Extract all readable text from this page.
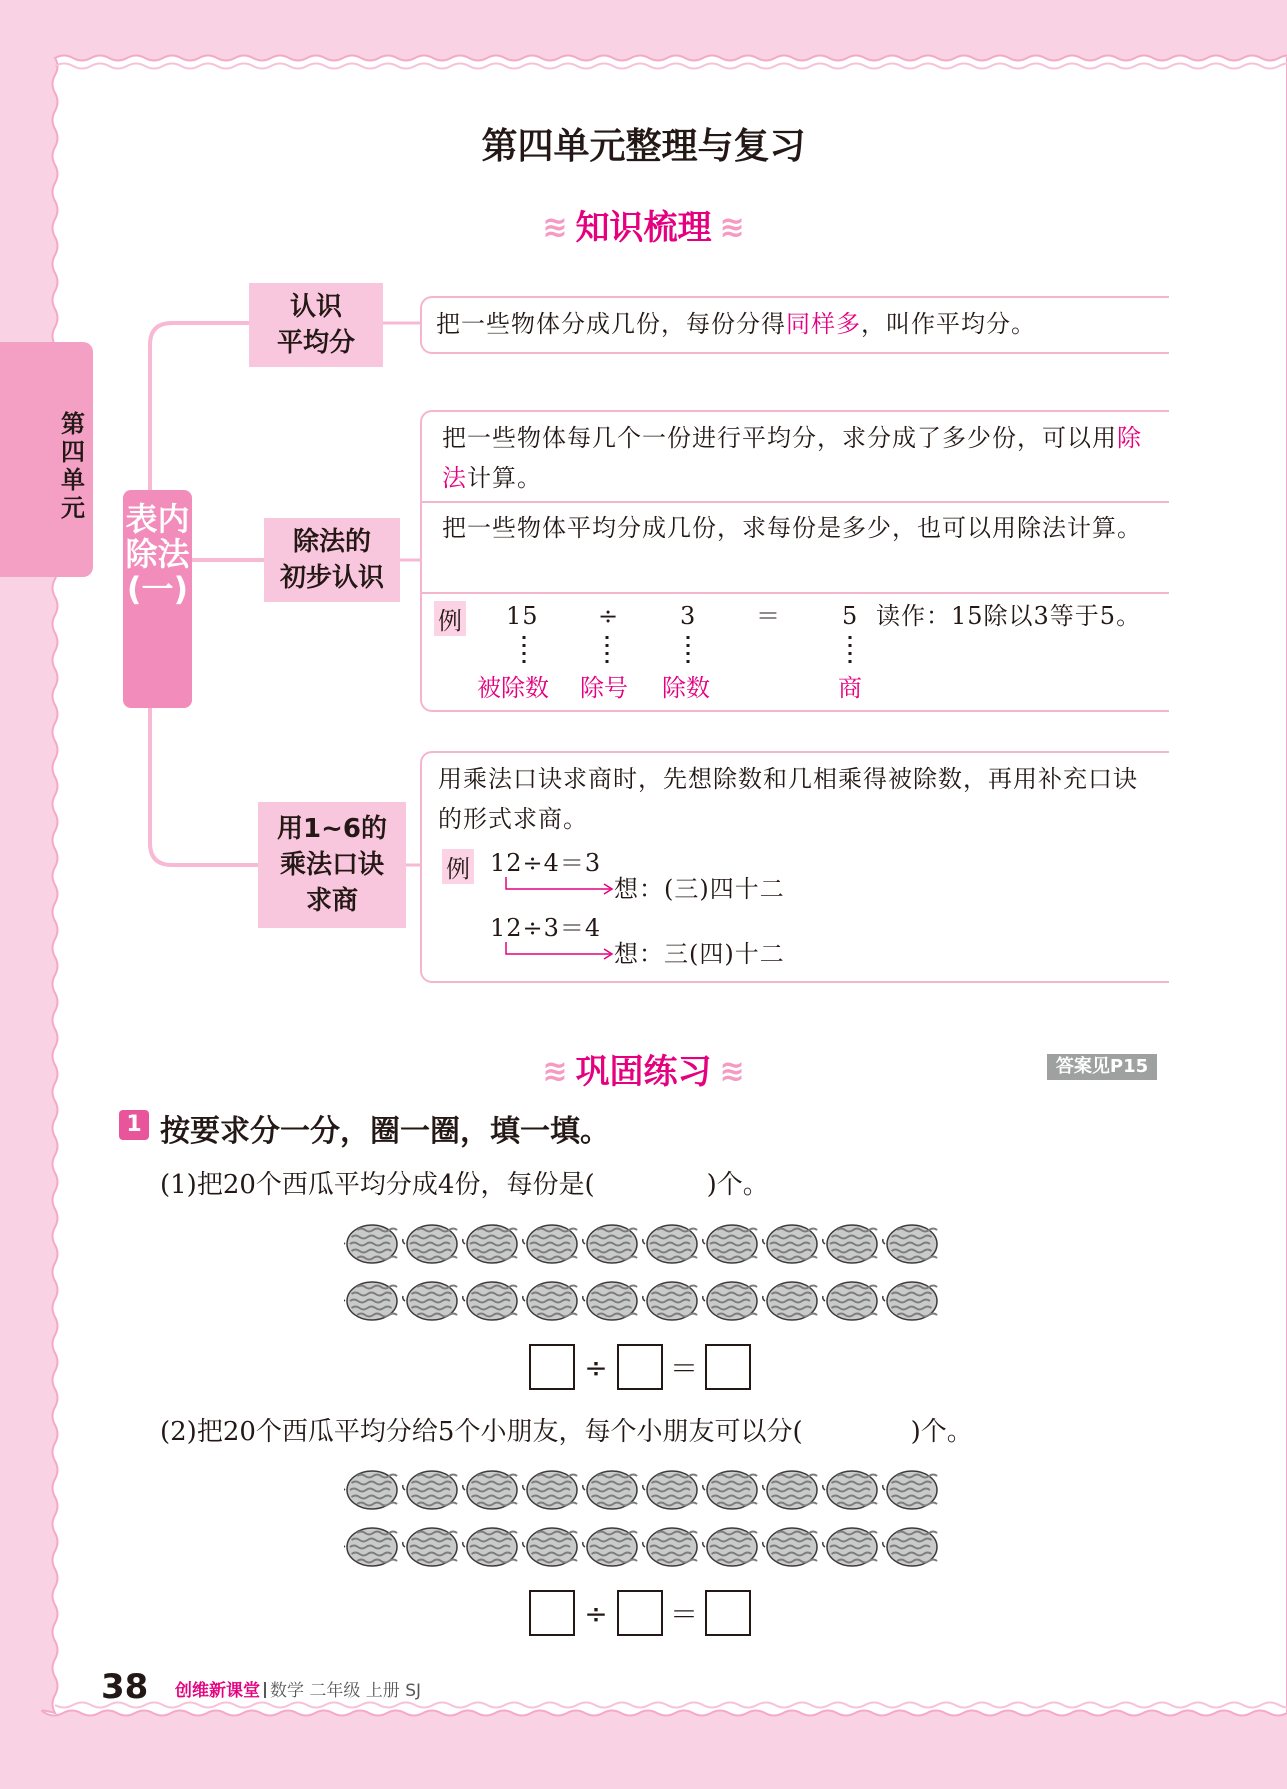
第四单元
第四单元整理与复习
≋ 知识梳理 ≋
表内除法(一)
认识
平均分
把一些物体分成几份，每份分得同样多，叫作平均分。
除法的
初步认识
把一些物体每几个一份进行平均分，求分成了多少份，可以用除法计算。
把一些物体平均分成几份，求每份是多少，也可以用除法计算。
例 15 ÷	3 ＝	5 读作：15除以3等于5。
被除数 除号 除数	商
用1~6的
乘法口诀
求商
用乘法口诀求商时，先想除数和几相乘得被除数，再用补充口诀的形式求商。
例 12÷4＝3
想：(三)四十二
12÷3＝4
想：三(四)十二
≋ 巩固练习 ≋	答案见P15
1 按要求分一分，圈一圈，填一填。
(1)把20个西瓜平均分成4份，每份是(	)个。
÷	＝
(2)把20个西瓜平均分给5个小朋友，每个小朋友可以分(	)个。
÷	＝
38 创维新课堂 数学 二年级 上册 SJ
